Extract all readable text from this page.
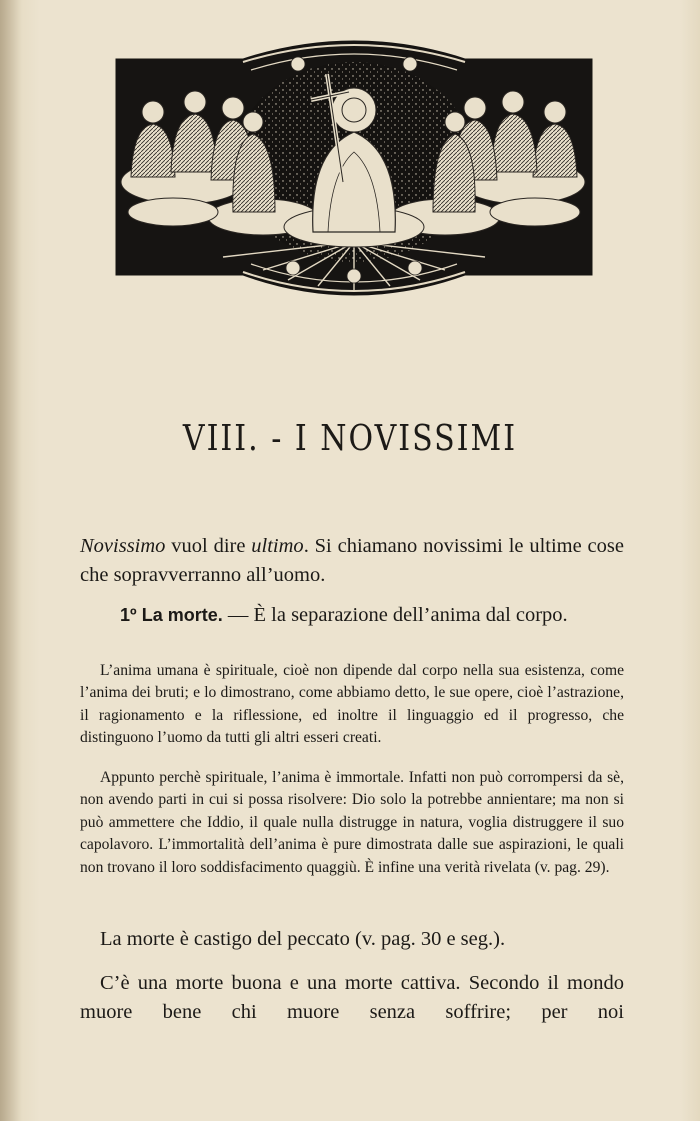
VIII. - I NOVISSIMI

Novissimo vuol dire ultimo. Si chiamano novissimi le ultime cose che sopravverranno all’uomo.

1º La morte. — È la separazione dell’anima dal corpo.

L’anima umana è spirituale, cioè non dipende dal corpo nella sua esistenza, come l’anima dei bruti; e lo dimostrano, come abbiamo detto, le sue opere, cioè l’astrazione, il ragionamento e la riflessione, ed inoltre il linguaggio ed il progresso, che distinguono l’uomo da tutti gli altri esseri creati.

Appunto perchè spirituale, l’anima è immortale. Infatti non può corrompersi da sè, non avendo parti in cui si possa risolvere: Dio solo la potrebbe annientare; ma non si può ammettere che Iddio, il quale nulla distrugge in natura, voglia distruggere il suo capolavoro. L’immortalità dell’anima è pure dimostrata dalle sue aspirazioni, le quali non trovano il loro soddisfacimento quaggiù. È infine una verità rivelata (v. pag. 29).

La morte è castigo del peccato (v. pag. 30 e seg.).

C’è una morte buona e una morte cattiva. Secondo il mondo muore bene chi muore senza soffrire; per noi
